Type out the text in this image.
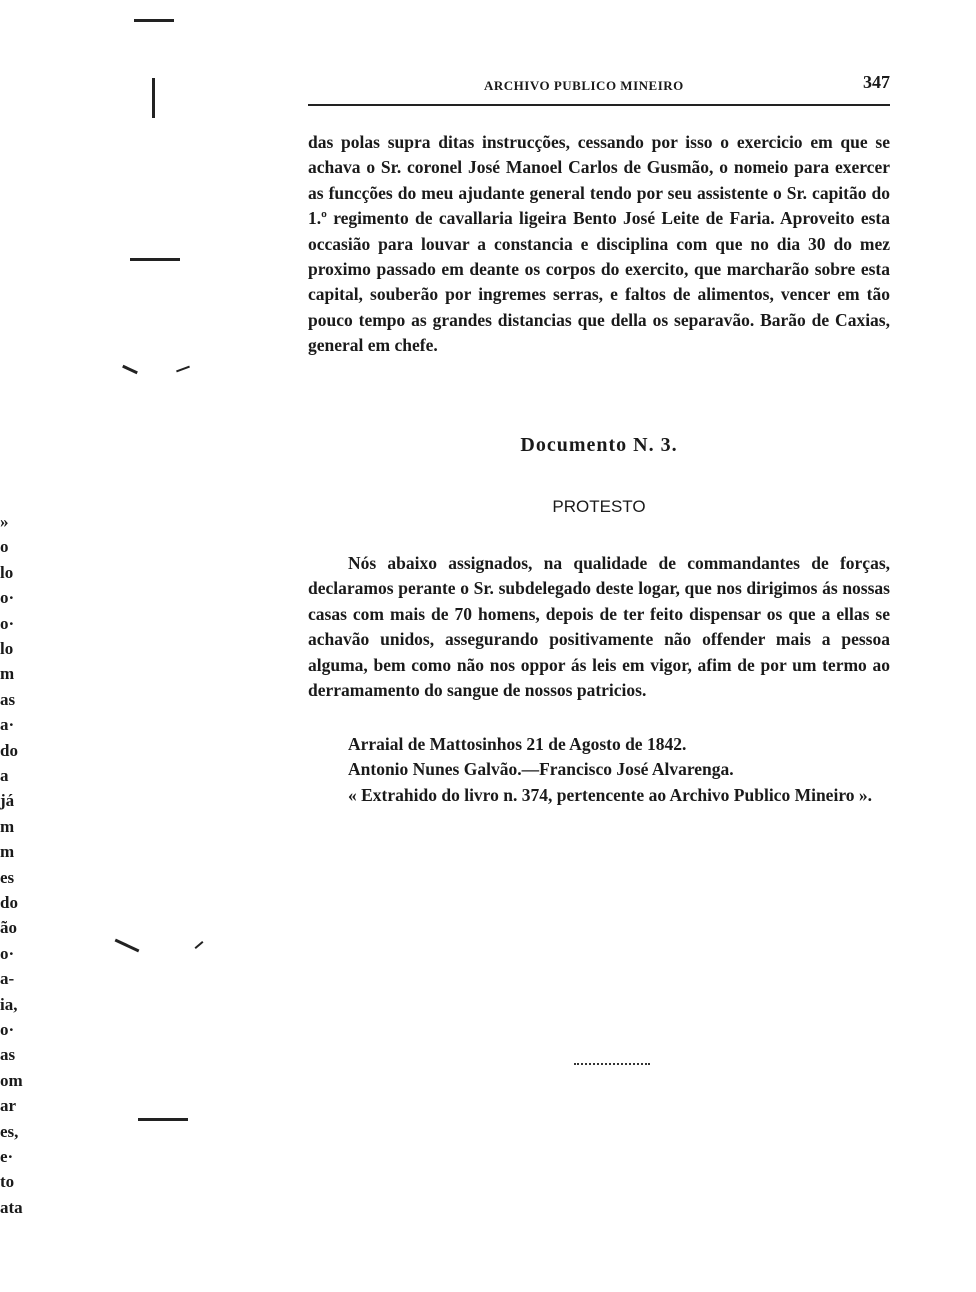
ARCHIVO PUBLICO MINEIRO	347

das polas supra ditas instrucções, cessando por isso o exercicio em que se achava o Sr. coronel José Manoel Carlos de Gusmão, o nomeio para exercer as funcções do meu ajudante general tendo por seu assistente o Sr. capitão do 1.º regimento de cavallaria ligeira Bento José Leite de Faria. Aproveito esta occasião para louvar a constancia e disciplina com que no dia 30 do mez proximo passado em deante os corpos do exercito, que marcharão sobre esta capital, souberão por ingremes serras, e faltos de alimentos, vencer em tão pouco tempo as grandes distancias que della os separavão. Barão de Caxias, general em chefe.

Documento N. 3.
PROTESTO

Nós abaixo assignados, na qualidade de commandantes de forças, declaramos perante o Sr. subdelegado deste logar, que nos dirigimos ás nossas casas com mais de 70 homens, depois de ter feito dispensar os que a ellas se achavão unidos, assegurando positivamente não offender mais a pessoa alguma, bem como não nos oppor ás leis em vigor, afim de por um termo ao derramamento do sangue de nossos patricios.

Arraial de Mattosinhos 21 de Agosto de 1842.
Antonio Nunes Galvão.—Francisco José Alvarenga.
« Extrahido do livro n. 374, pertencente ao Archivo Publico Mineiro ».
»
o
lo
o·
o·
lo
m
as
a·
do
a
já
m
m
es
do
ão
o·
a-
ia,
o·
as
om
ar
es,
e·
to
ata
